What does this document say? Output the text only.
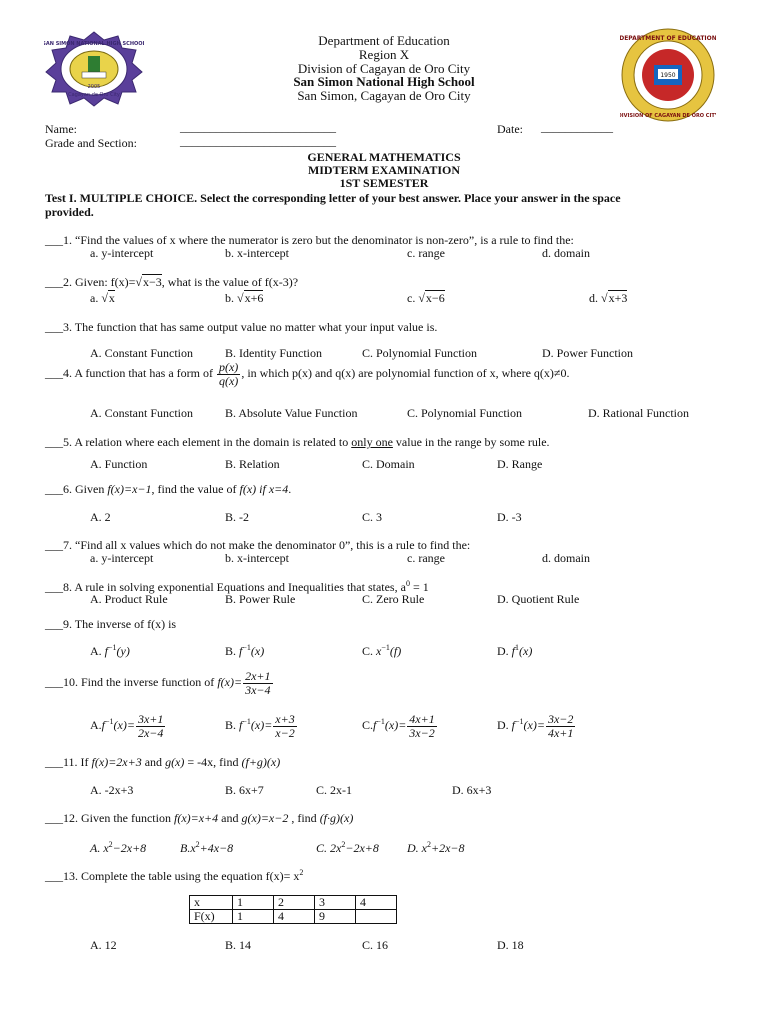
SAN SIMON NATIONAL HIGH SCHOOL
2005
Cagayan de Oro City
DEPARTMENT OF EDUCATION
1950
DIVISION OF CAGAYAN DE ORO CITY
Department of Education
Region X
Division of Cagayan de Oro City
San Simon National High School
San Simon, Cagayan de Oro City
Name:	__________________________	Date: ____________
Grade and Section:	__________________________
GENERAL MATHEMATICS
MIDTERM EXAMINATION
1ST SEMESTER
Test I. MULTIPLE CHOICE. Select the corresponding letter of your best answer. Place your answer in the space
provided.
___1. “Find the values of x where the numerator is zero but the denominator is non-zero”, is a rule to find the:
a. y-intercept	b. x-intercept	c. range	d. domain
___2. Given: f(x)=√x−3, what is the value of f(x-3)?
a. √x	b. √x+6	c. √x−6	d. √x+3
___3. The function that has same output value no matter what your input value is.
A. Constant Function	B. Identity Function	C. Polynomial Function	D. Power Function
___4. A function that has a form of $\frac{p(x)}{q(x)}$ , in which p(x) and q(x) are polynomial function of x, where q(x)≠0.
A. Constant Function	B. Absolute Value Function	C. Polynomial Function	D. Rational Function
___5. A relation where each element in the domain is related to only one value in the range by some rule.
A. Function	B. Relation	C. Domain	D. Range
___6. Given f(x)=x−1, find the value of f(x) if x=4.
A. 2	B. -2	C. 3	D. -3
___7. “Find all x values which do not make the denominator 0”, this is a rule to find the:
a. y-intercept	b. x-intercept	c. range	d. domain
___8. A rule in solving exponential Equations and Inequalities that states, $a^0 = 1$
A. Product Rule	B. Power Rule	C. Zero Rule	D. Quotient Rule
___9. The inverse of f(x) is
A. $f^{-1}(y)$	B. $f^{-1}(x)$	C. $x^{-1}(f)$	D. $f^1(x)$
___10. Find the inverse function of $f(x)= \frac{2x+1}{3x-4}$
$A.f^{-1}(x)= \frac{3x+1}{2x-4}$	B. $f^{-1}(x)= \frac{x+3}{x-2}$	$C.f^{-1}(x)= \frac{4x+1}{3x-2}$	D. $f^{-1}(x)= \frac{3x-2}{4x+1}$
___11. If f(x)=2x+3 and g(x) = -4x, find (f+g)(x)
A. -2x+3	B. 6x+7	C. 2x-1	D. 6x+3
___12. Given the function f(x)=x+4 and g(x)=x−2 , find (f·g)(x)
A. $x^2-2x+8$	$B.x^2+4x-8$	C. $2x^2-2x+8$ D. $x^2+2x-8$
___13. Complete the table using the equation $f(x)= x^2$
x	1	2	3	4
F(x)	1	4	9	
A. 12	B. 14	C. 16	D. 18
